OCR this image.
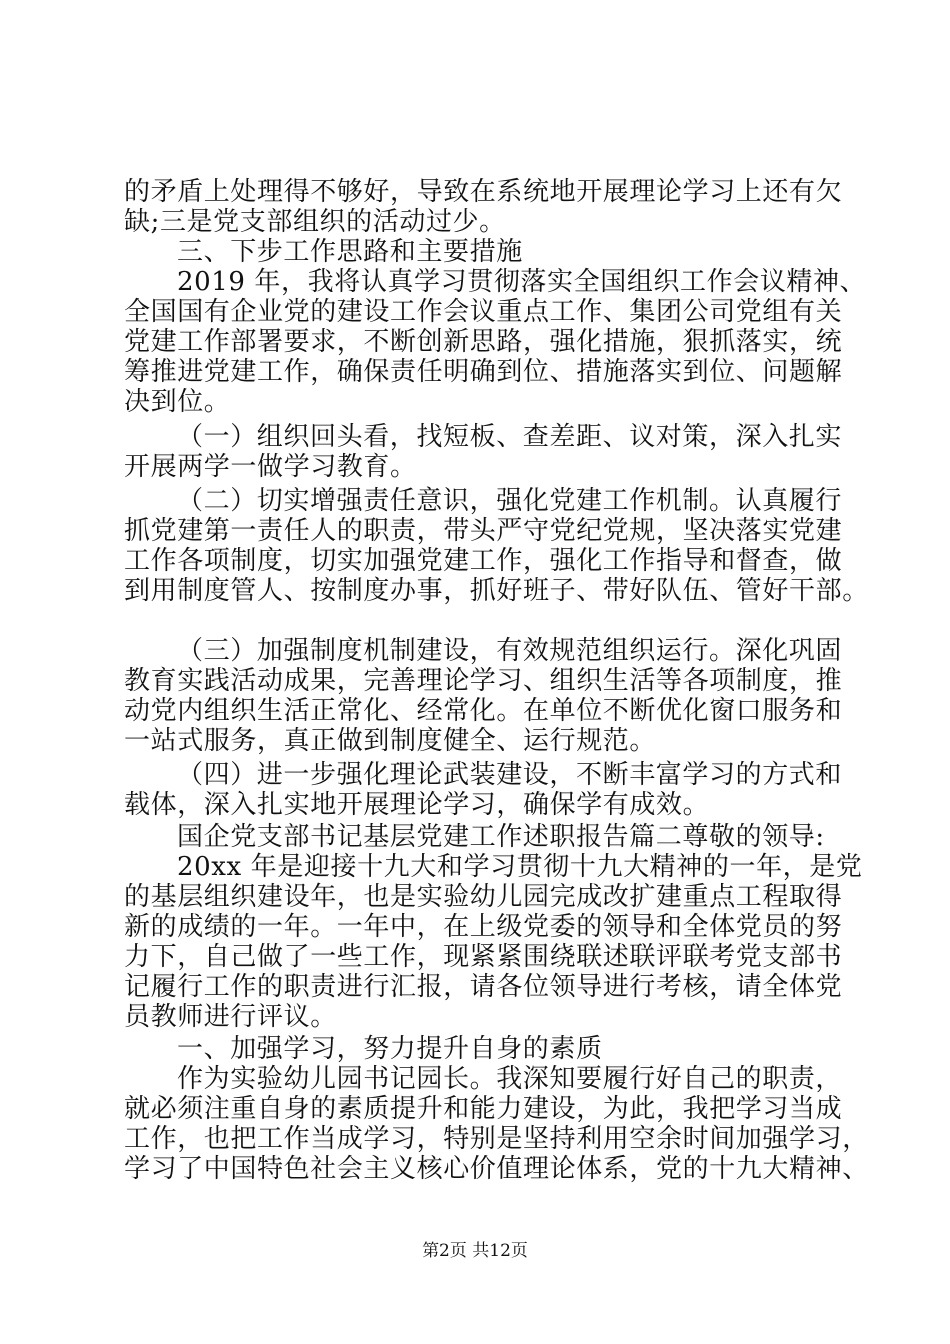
的矛盾上处理得不够好，导致在系统地开展理论学习上还有欠
缺;三是党支部组织的活动过少。
三、下步工作思路和主要措施
2019 年，我将认真学习贯彻落实全国组织工作会议精神、
全国国有企业党的建设工作会议重点工作、集团公司党组有关
党建工作部署要求，不断创新思路，强化措施，狠抓落实，统
筹推进党建工作，确保责任明确到位、措施落实到位、问题解
决到位。
（一）组织回头看，找短板、查差距、议对策，深入扎实
开展两学一做学习教育。
（二）切实增强责任意识，强化党建工作机制。认真履行
抓党建第一责任人的职责，带头严守党纪党规，坚决落实党建
工作各项制度，切实加强党建工作，强化工作指导和督查，做
到用制度管人、按制度办事，抓好班子、带好队伍、管好干部。
（三）加强制度机制建设，有效规范组织运行。深化巩固
教育实践活动成果，完善理论学习、组织生活等各项制度，推
动党内组织生活正常化、经常化。在单位不断优化窗口服务和
一站式服务，真正做到制度健全、运行规范。
（四）进一步强化理论武装建设，不断丰富学习的方式和
载体，深入扎实地开展理论学习，确保学有成效。
国企党支部书记基层党建工作述职报告篇二尊敬的领导:
20xx 年是迎接十九大和学习贯彻十九大精神的一年，是党
的基层组织建设年，也是实验幼儿园完成改扩建重点工程取得
新的成绩的一年。一年中，在上级党委的领导和全体党员的努
力下，自己做了一些工作，现紧紧围绕联述联评联考党支部书
记履行工作的职责进行汇报，请各位领导进行考核，请全体党
员教师进行评议。
一、加强学习，努力提升自身的素质
作为实验幼儿园书记园长。我深知要履行好自己的职责，
就必须注重自身的素质提升和能力建设，为此，我把学习当成
工作，也把工作当成学习，特别是坚持利用空余时间加强学习，
学习了中国特色社会主义核心价值理论体系，党的十九大精神、
第2页 共12页
